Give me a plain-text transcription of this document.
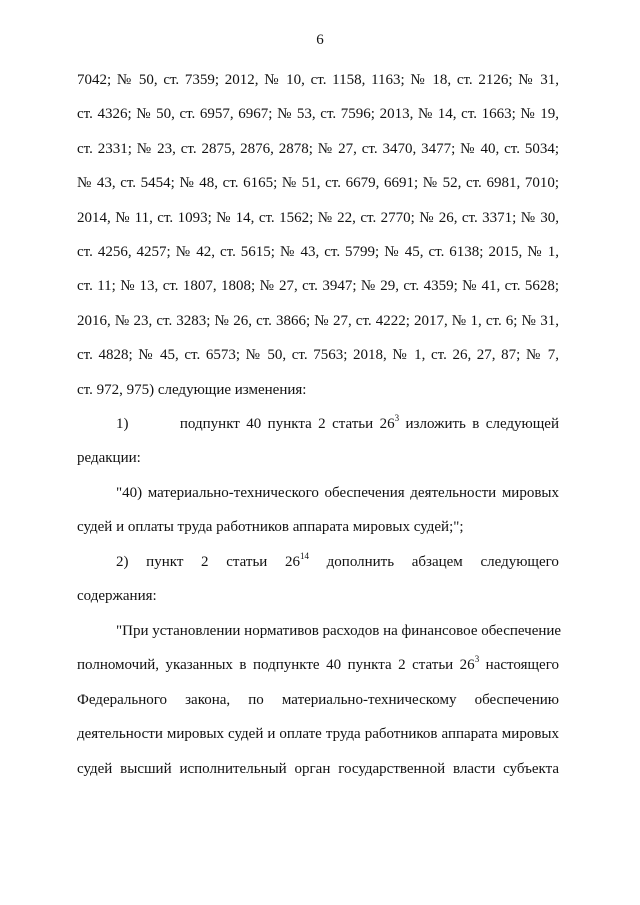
6
7042; № 50, ст. 7359; 2012, № 10, ст. 1158, 1163; № 18, ст. 2126; № 31,
ст. 4326; № 50, ст. 6957, 6967; № 53, ст. 7596; 2013, № 14, ст. 1663; № 19,
ст. 2331; № 23, ст. 2875, 2876, 2878; № 27, ст. 3470, 3477; № 40, ст. 5034;
№ 43, ст. 5454; № 48, ст. 6165; № 51, ст. 6679, 6691; № 52, ст. 6981, 7010;
2014, № 11, ст. 1093; № 14, ст. 1562; № 22, ст. 2770; № 26, ст. 3371; № 30,
ст. 4256, 4257; № 42, ст. 5615; № 43, ст. 5799; № 45, ст. 6138; 2015, № 1,
ст. 11; № 13, ст. 1807, 1808; № 27, ст. 3947; № 29, ст. 4359; № 41, ст. 5628;
2016, № 23, ст. 3283; № 26, ст. 3866; № 27, ст. 4222; 2017, № 1, ст. 6; № 31,
ст. 4828; № 45, ст. 6573; № 50, ст. 7563; 2018, № 1, ст. 26, 27, 87; № 7,
ст. 972, 975) следующие изменения:
1)	подпункт 40 пункта 2 статьи $26^3$ изложить в следующей
редакции:
"40) материально-технического обеспечения деятельности мировых
судей и оплаты труда работников аппарата мировых судей;";
2) пункт 2 статьи $26^{14}$ дополнить абзацем следующего
содержания:
"При установлении нормативов расходов на финансовое обеспечение
полномочий, указанных в подпункте 40 пункта 2 статьи $26^3$ настоящего
Федерального закона, по материально-техническому обеспечению
деятельности мировых судей и оплате труда работников аппарата мировых
судей высший исполнительный орган государственной власти субъекта
